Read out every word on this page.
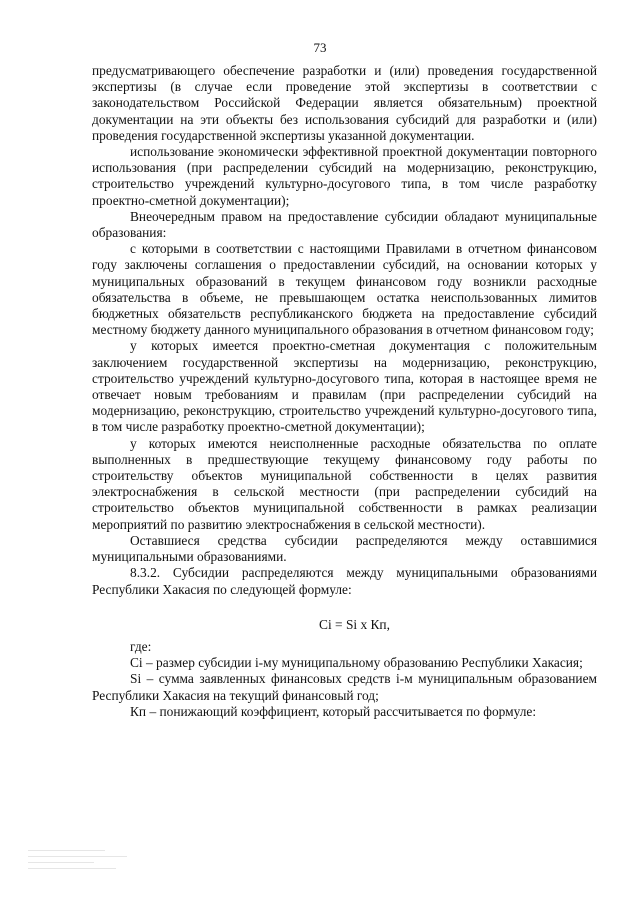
73

предусматривающего обеспечение разработки и (или) проведения государственной экспертизы (в случае если проведение этой экспертизы в соответствии с законодательством Российской Федерации является обязательным) проектной документации на эти объекты без использования субсидий для разработки и (или) проведения государственной экспертизы указанной документации.

использование экономически эффективной проектной документации повторного использования (при распределении субсидий на модернизацию, реконструкцию, строительство учреждений культурно-досугового типа, в том числе разработку проектно-сметной документации);

Внеочередным правом на предоставление субсидии обладают муниципальные образования:

с которыми в соответствии с настоящими Правилами в отчетном финансовом году заключены соглашения о предоставлении субсидий, на основании которых у муниципальных образований в текущем финансовом году возникли расходные обязательства в объеме, не превышающем остатка неиспользованных лимитов бюджетных обязательств республиканского бюджета на предоставление субсидий местному бюджету данного муниципального образования в отчетном финансовом году;

у которых имеется проектно-сметная документация с положительным заключением государственной экспертизы на модернизацию, реконструкцию, строительство учреждений культурно-досугового типа, которая в настоящее время не отвечает новым требованиям и правилам (при распределении субсидий на модернизацию, реконструкцию, строительство учреждений культурно-досугового типа, в том числе разработку проектно-сметной документации);

у которых имеются неисполненные расходные обязательства по оплате выполненных в предшествующие текущему финансовому году работы по строительству объектов муниципальной собственности в целях развития электроснабжения в сельской местности (при распределении субсидий на строительство объектов муниципальной собственности в рамках реализации мероприятий по развитию электроснабжения в сельской местности).

Оставшиеся средства субсидии распределяются между оставшимися муниципальными образованиями.

8.3.2. Субсидии распределяются между муниципальными образованиями Республики Хакасия по следующей формуле:

Ci = Si x Кп,

где:

Ci – размер субсидии i-му муниципальному образованию Республики Хакасия;

Si – сумма заявленных финансовых средств i-м муниципальным образованием Республики Хакасия на текущий финансовый год;

Кп – понижающий коэффициент, который рассчитывается по формуле:
